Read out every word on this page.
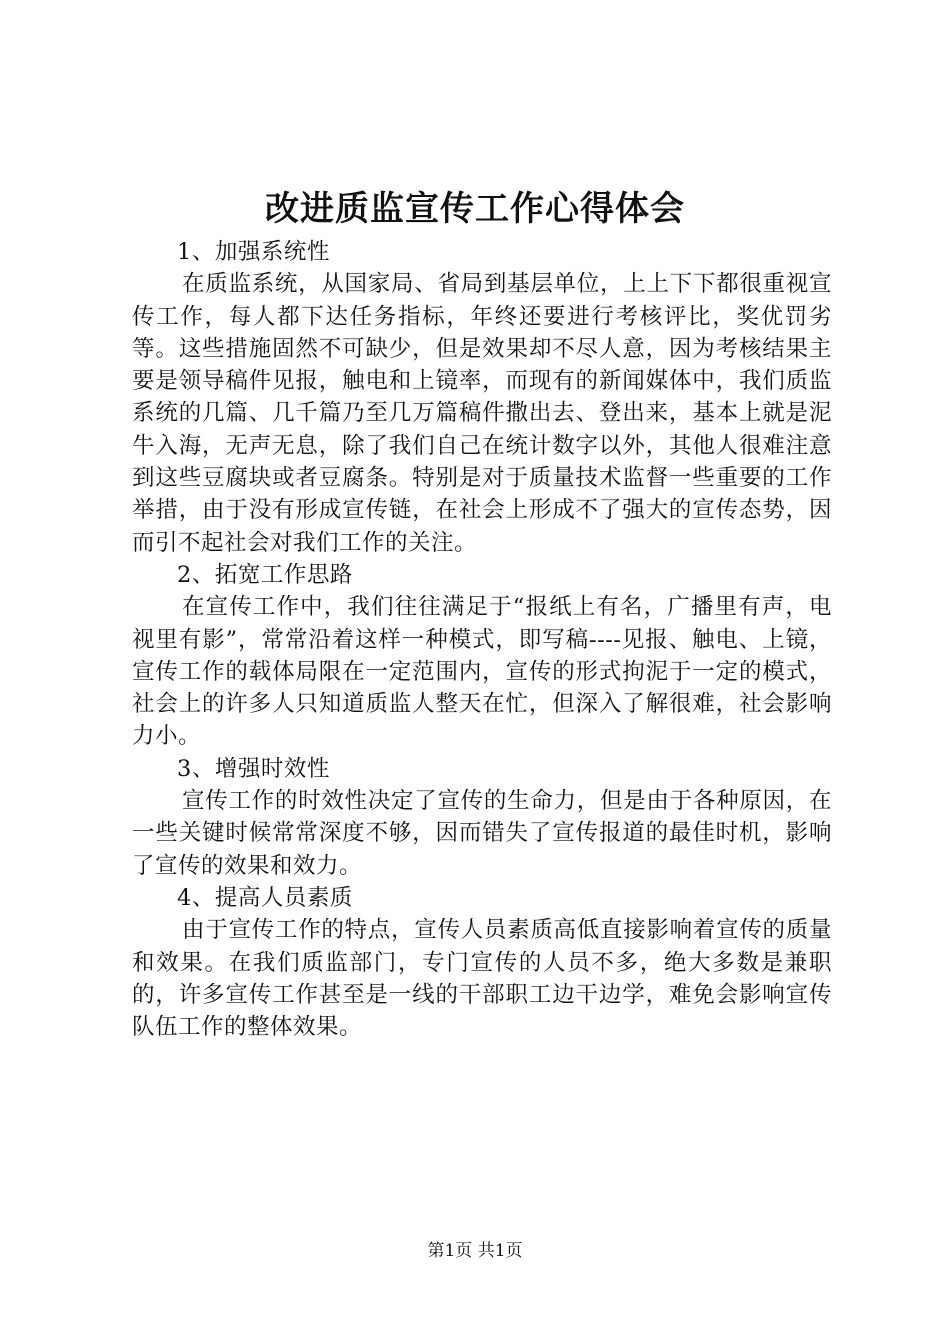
改进质监宣传工作心得体会

1、加强系统性

在质监系统，从国家局、省局到基层单位，上上下下都很重视宣传工作，每人都下达任务指标，年终还要进行考核评比，奖优罚劣等。这些措施固然不可缺少，但是效果却不尽人意，因为考核结果主要是领导稿件见报，触电和上镜率，而现有的新闻媒体中，我们质监系统的几篇、几千篇乃至几万篇稿件撒出去、登出来，基本上就是泥牛入海，无声无息，除了我们自己在统计数字以外，其他人很难注意到这些豆腐块或者豆腐条。特别是对于质量技术监督一些重要的工作举措，由于没有形成宣传链，在社会上形成不了强大的宣传态势，因而引不起社会对我们工作的关注。

2、拓宽工作思路

在宣传工作中，我们往往满足于“报纸上有名，广播里有声，电视里有影”，常常沿着这样一种模式，即写稿----见报、触电、上镜，宣传工作的载体局限在一定范围内，宣传的形式拘泥于一定的模式，社会上的许多人只知道质监人整天在忙，但深入了解很难，社会影响力小。

3、增强时效性

宣传工作的时效性决定了宣传的生命力，但是由于各种原因，在一些关键时候常常深度不够，因而错失了宣传报道的最佳时机，影响了宣传的效果和效力。

4、提高人员素质

由于宣传工作的特点，宣传人员素质高低直接影响着宣传的质量和效果。在我们质监部门，专门宣传的人员不多，绝大多数是兼职的，许多宣传工作甚至是一线的干部职工边干边学，难免会影响宣传队伍工作的整体效果。

第1页 共1页
